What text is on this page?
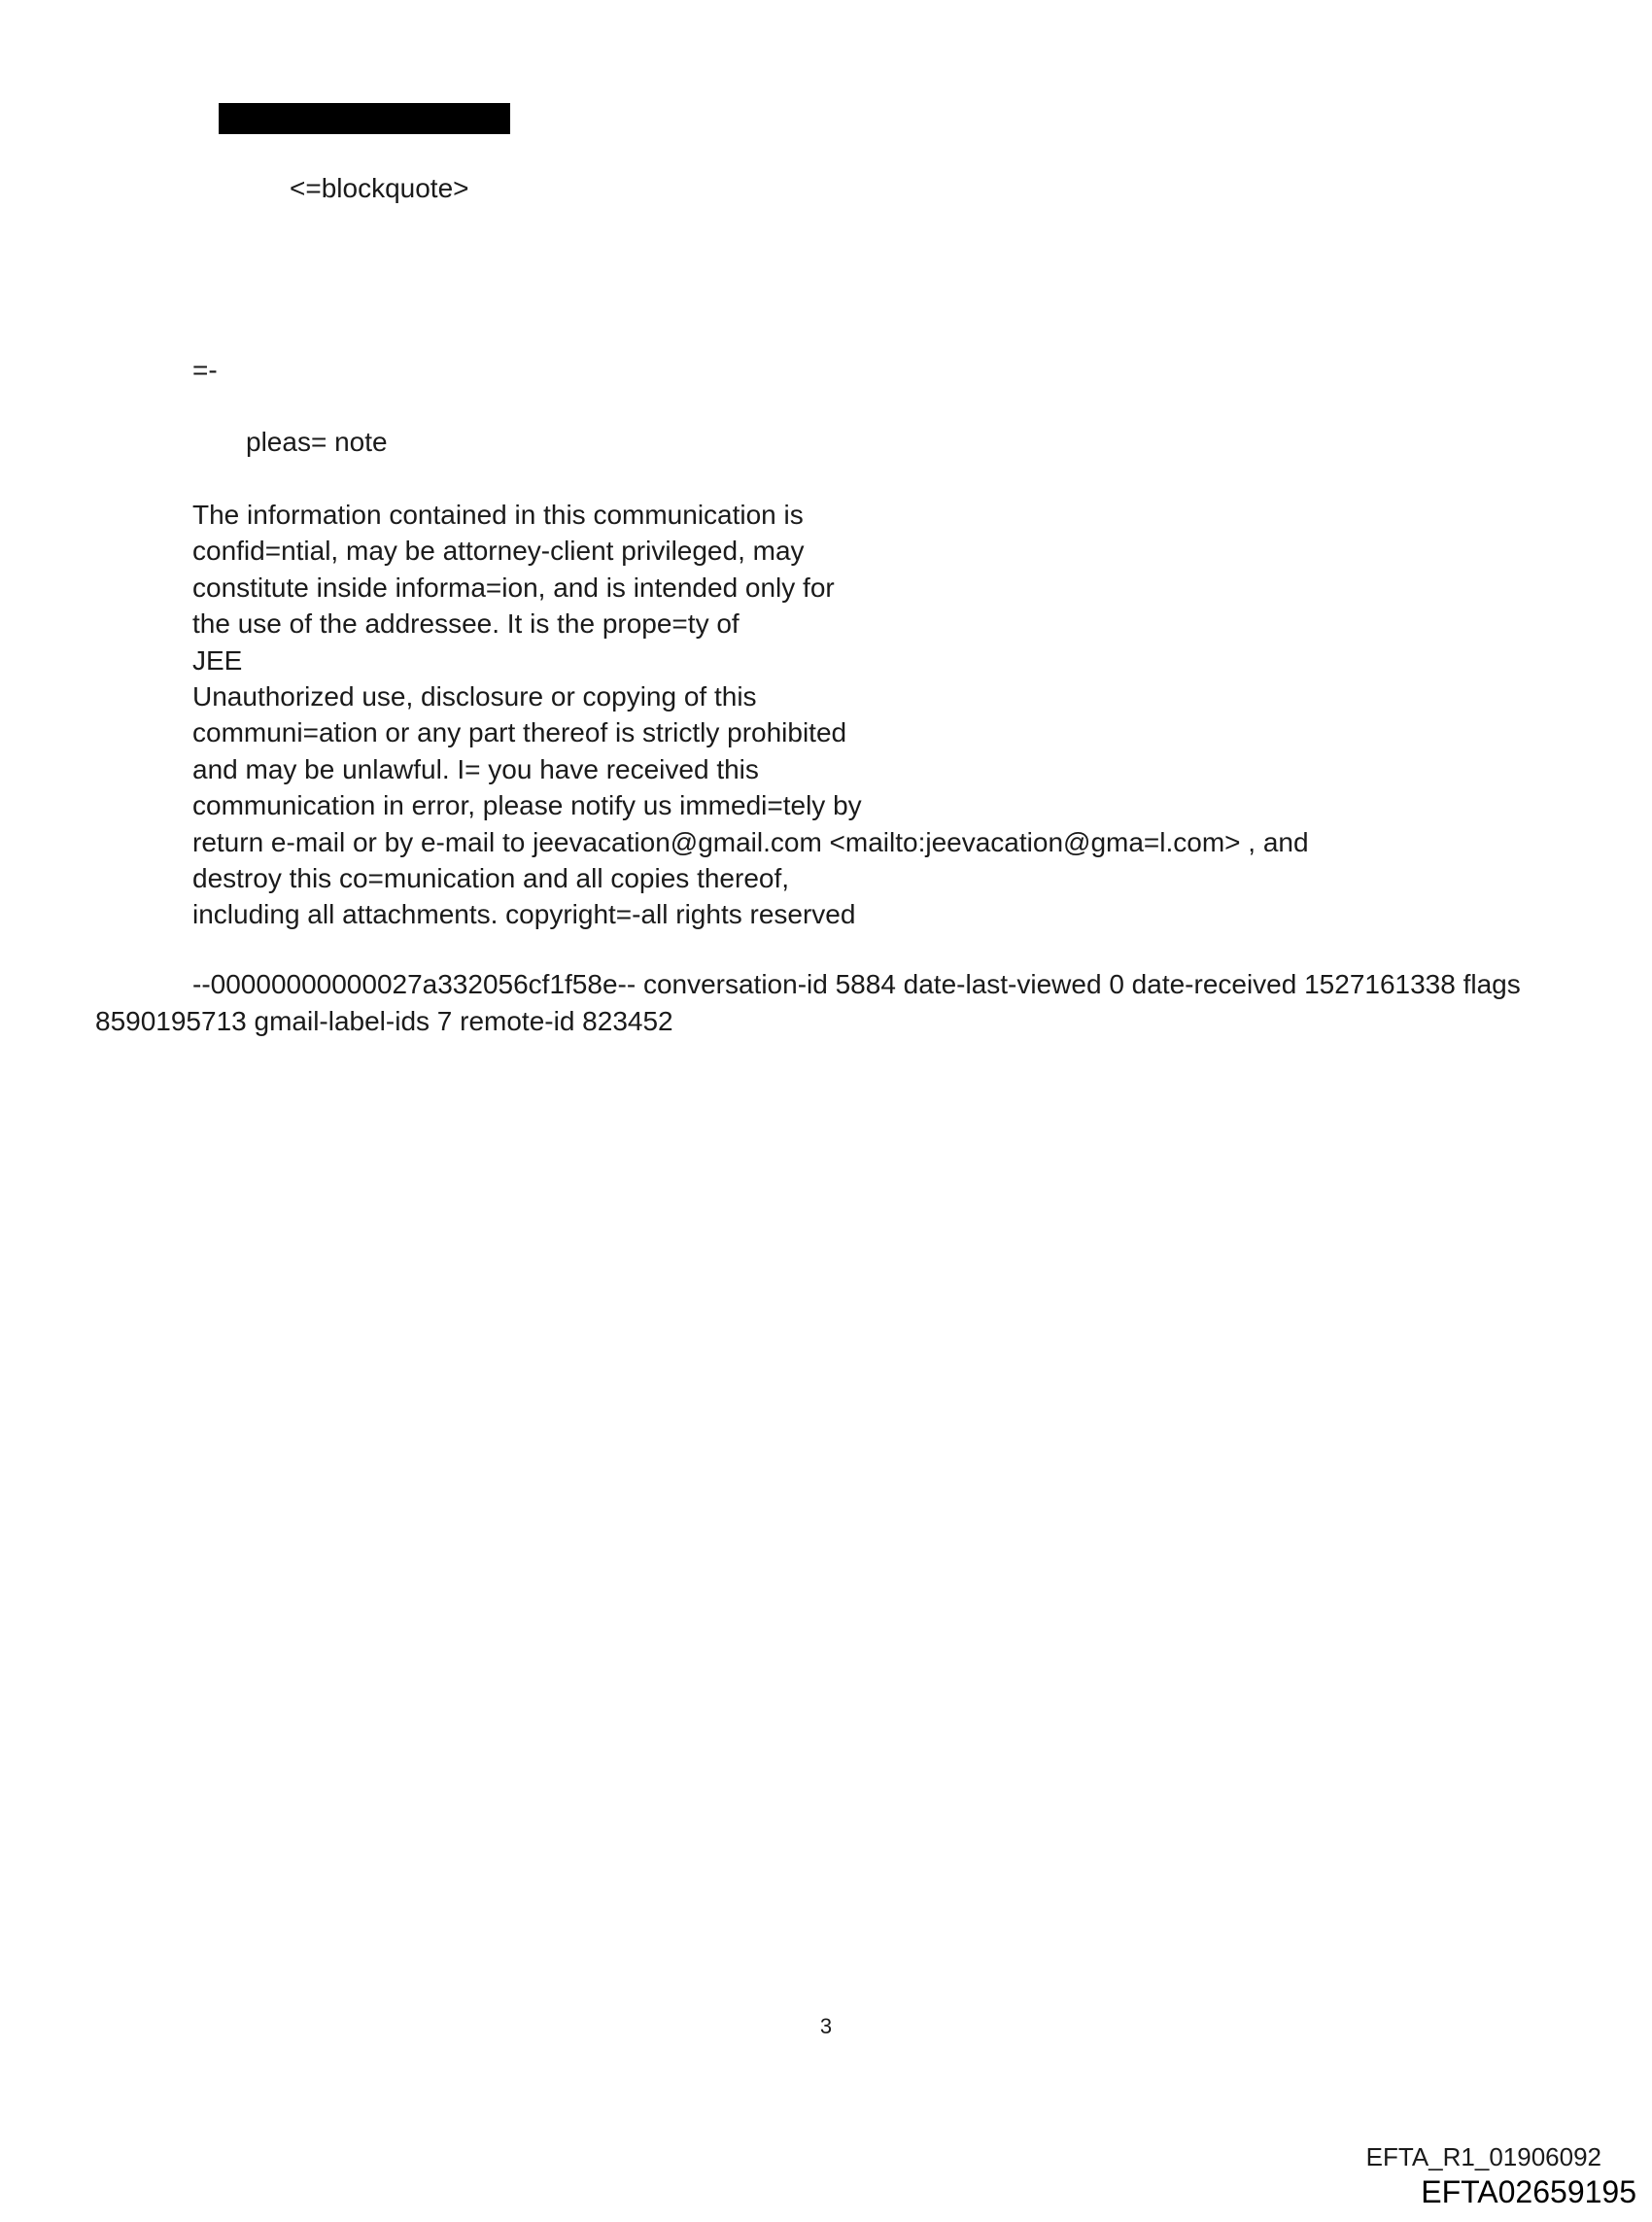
<=blockquote>
=-
pleas= note
The information contained in this communication is
confid=ntial, may be attorney-client privileged, may
constitute inside informa=ion, and is intended only for
the use of the addressee. It is the prope=ty of
JEE
Unauthorized use, disclosure or copying of this
communi=ation or any part thereof is strictly prohibited
and may be unlawful. I= you have received this
communication in error, please notify us immedi=tely by
return e-mail or by e-mail to jeevacation@gmail.com <mailto:jeevacation@gma=l.com> , and
destroy this co=munication and all copies thereof,
including all attachments. copyright=-all rights reserved
--00000000000027a332056cf1f58e-- conversation-id 5884 date-last-viewed 0 date-received 1527161338 flags
8590195713 gmail-label-ids 7 remote-id 823452
3
EFTA_R1_01906092
EFTA02659195
